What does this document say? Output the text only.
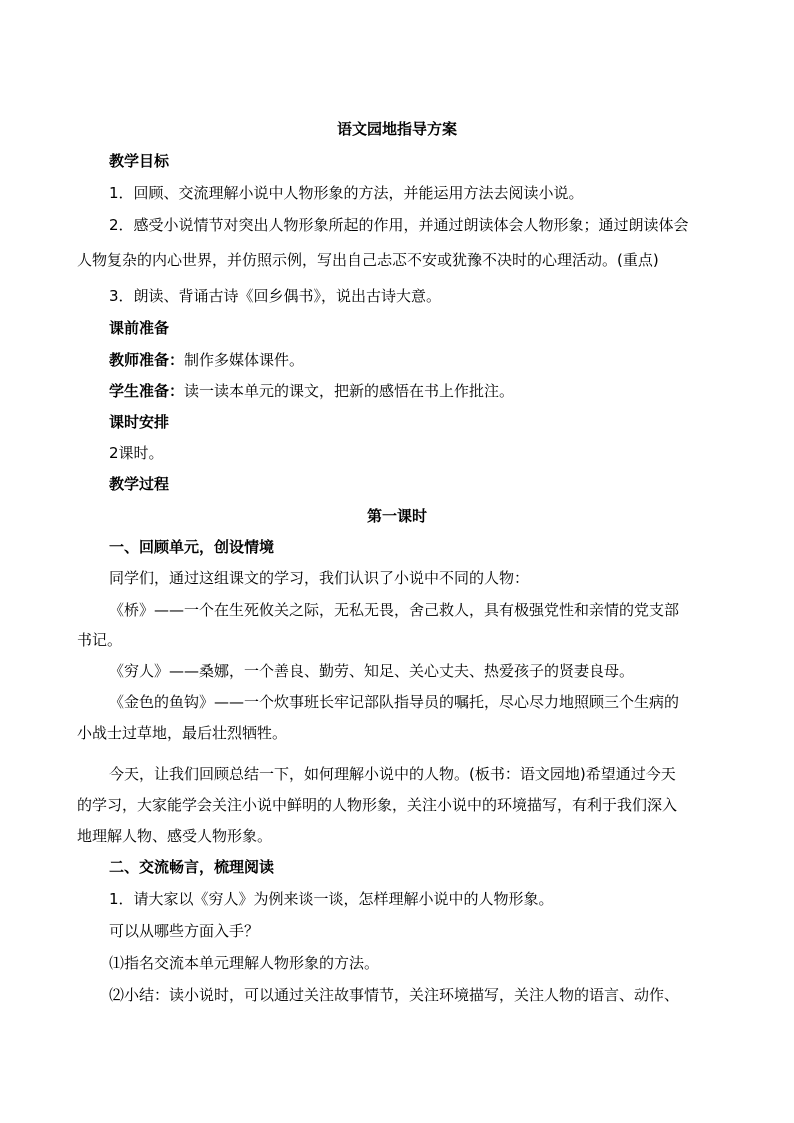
语文园地指导方案
教学目标
1．回顾、交流理解小说中人物形象的方法，并能运用方法去阅读小说。
2．感受小说情节对突出人物形象所起的作用，并通过朗读体会人物形象；通过朗读体会
人物复杂的内心世界，并仿照示例，写出自己忐忑不安或犹豫不决时的心理活动。(重点)
3．朗读、背诵古诗《回乡偶书》，说出古诗大意。
课前准备
教师准备：制作多媒体课件。
学生准备：读一读本单元的课文，把新的感悟在书上作批注。
课时安排
2课时。
教学过程
第一课时
一、回顾单元，创设情境
同学们，通过这组课文的学习，我们认识了小说中不同的人物：
《桥》——一个在生死攸关之际，无私无畏，舍己救人，具有极强党性和亲情的党支部
书记。
《穷人》——桑娜，一个善良、勤劳、知足、关心丈夫、热爱孩子的贤妻良母。
《金色的鱼钩》——一个炊事班长牢记部队指导员的嘱托，尽心尽力地照顾三个生病的
小战士过草地，最后壮烈牺牲。
今天，让我们回顾总结一下，如何理解小说中的人物。(板书：语文园地)希望通过今天
的学习，大家能学会关注小说中鲜明的人物形象，关注小说中的环境描写，有利于我们深入
地理解人物、感受人物形象。
二、交流畅言，梳理阅读
1．请大家以《穷人》为例来谈一谈，怎样理解小说中的人物形象。
可以从哪些方面入手？
⑴指名交流本单元理解人物形象的方法。
⑵小结：读小说时，可以通过关注故事情节，关注环境描写，关注人物的语言、动作、
